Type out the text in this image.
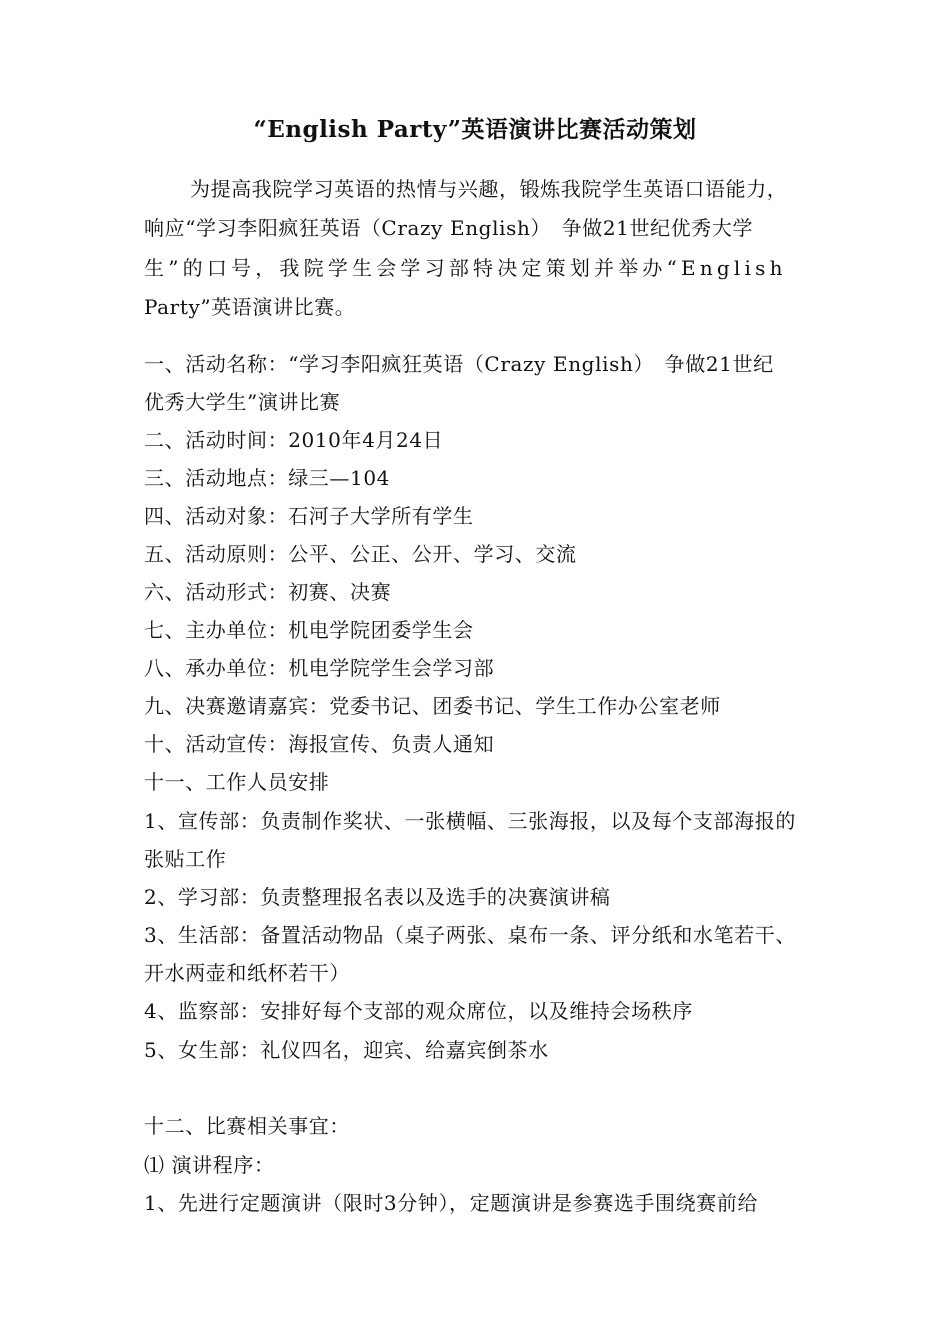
“English Party”英语演讲比赛活动策划
为提高我院学习英语的热情与兴趣，锻炼我院学生英语口语能力，
响应“学习李阳疯狂英语（Crazy English）　争做21世纪优秀大学
生”的口号，我院学生会学习部特决定策划并举办“English
Party”英语演讲比赛。
一、活动名称：“学习李阳疯狂英语（Crazy English）　争做21世纪
优秀大学生”演讲比赛
二、活动时间：2010年4月24日
三、活动地点：绿三—104
四、活动对象：石河子大学所有学生
五、活动原则：公平、公正、公开、学习、交流
六、活动形式：初赛、决赛
七、主办单位：机电学院团委学生会
八、承办单位：机电学院学生会学习部
九、决赛邀请嘉宾：党委书记、团委书记、学生工作办公室老师
十、活动宣传：海报宣传、负责人通知
十一、工作人员安排
1、宣传部：负责制作奖状、一张横幅、三张海报，以及每个支部海报的
张贴工作
2、学习部：负责整理报名表以及选手的决赛演讲稿
3、生活部：备置活动物品（桌子两张、桌布一条、评分纸和水笔若干、
开水两壶和纸杯若干）
4、监察部：安排好每个支部的观众席位，以及维持会场秩序
5、女生部：礼仪四名，迎宾、给嘉宾倒茶水
十二、比赛相关事宜：
⑴ 演讲程序：
1、先进行定题演讲（限时3分钟），定题演讲是参赛选手围绕赛前给
